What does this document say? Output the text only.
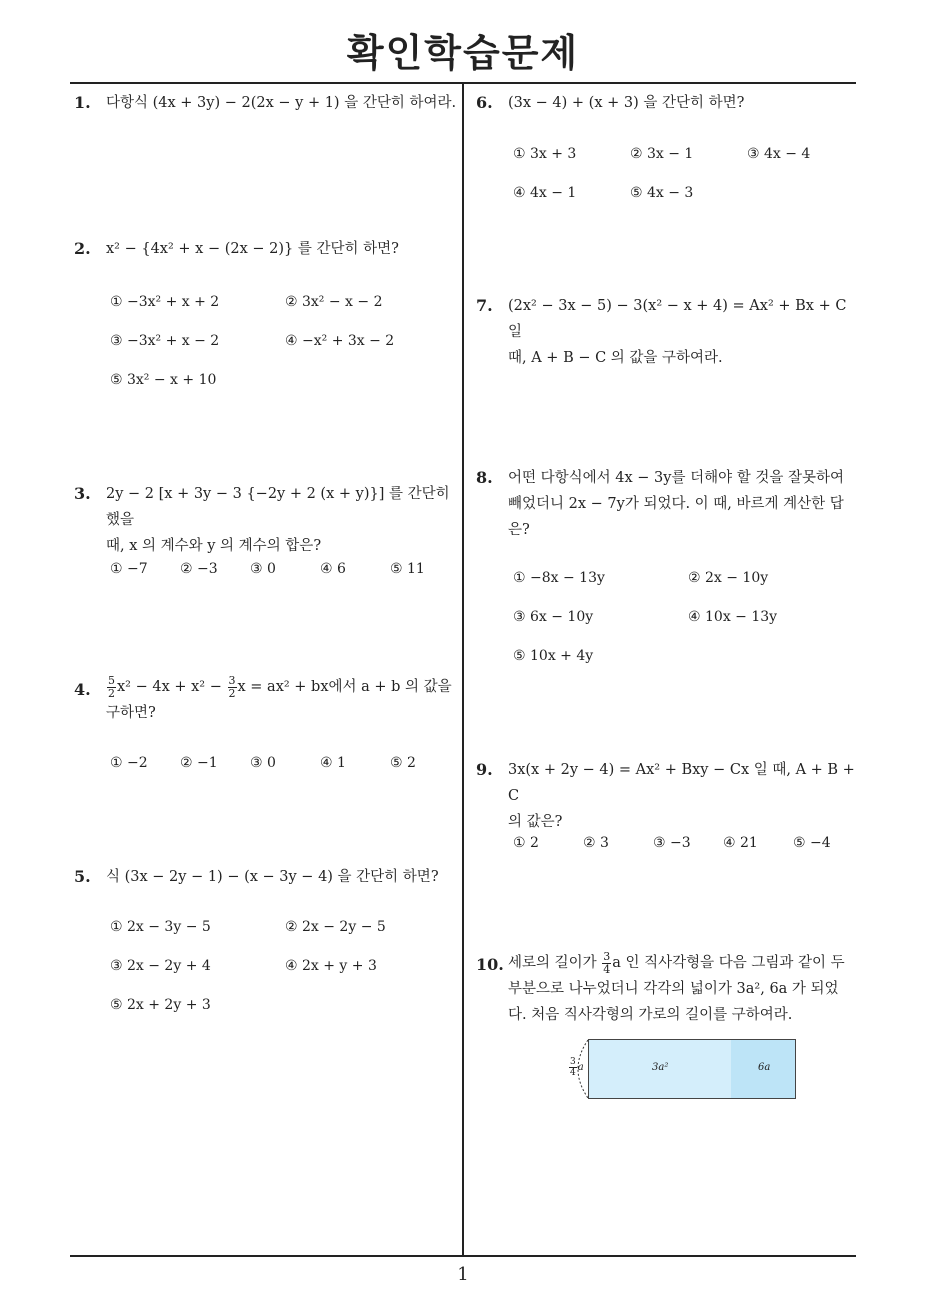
확인학습문제
1
1. 다항식 (4x + 3y) − 2(2x − y + 1) 을 간단히 하여라.
2. x² − {4x² + x − (2x − 2)} 를 간단히 하면?
① −3x² + x + 2	② 3x² − x − 2
③ −3x² + x − 2	④ −x² + 3x − 2
⑤ 3x² − x + 10
3. 2y − 2 [x + 3y − 3 {−2y + 2 (x + y)}] 를 간단히 했을
때, x 의 계수와 y 의 계수의 합은?
① −7 ② −3 ③ 0	④ 6	⑤ 11
4. $\frac{5}{2} x^2 - 4x + x^2 - \frac{3}{2}$ x = ax² + bx에서 a + b 의 값을
구하면?
① −2 ② −1 ③ 0	④ 1	⑤ 2
5. 식 (3x − 2y − 1) − (x − 3y − 4) 을 간단히 하면?
① 2x − 3y − 5	② 2x − 2y − 5
③ 2x − 2y + 4	④ 2x + y + 3
⑤ 2x + 2y + 3
6. (3x − 4) + (x + 3) 을 간단히 하면?
① 3x + 3	② 3x − 1	③ 4x − 4
④ 4x − 1	⑤ 4x − 3
7. (2x² − 3x − 5) − 3(x² − x + 4) = Ax² + Bx + C 일
때, A + B − C 의 값을 구하여라.
8. 어떤 다항식에서 4x − 3y를 더해야 할 것을 잘못하여
빼었더니 2x − 7y가 되었다. 이 때, 바르게 계산한 답
은?
① −8x − 13y	② 2x − 10y
③ 6x − 10y	④ 10x − 13y
⑤ 10x + 4y
9. 3x(x + 2y − 4) = Ax² + Bxy − Cx 일 때, A + B + C
의 값은?
① 2	② 3	③ −3 ④ 21	⑤ −4
10. 세로의 길이가 $\frac{3}{4}$ a 인 직사각형을 다음 그림과 같이 두
부분으로 나누었더니 각각의 넓이가 3a², 6a 가 되었
다. 처음 직사각형의 가로의 길이를 구하여라.
3a²	6a
$\frac{3}{4}$ a
